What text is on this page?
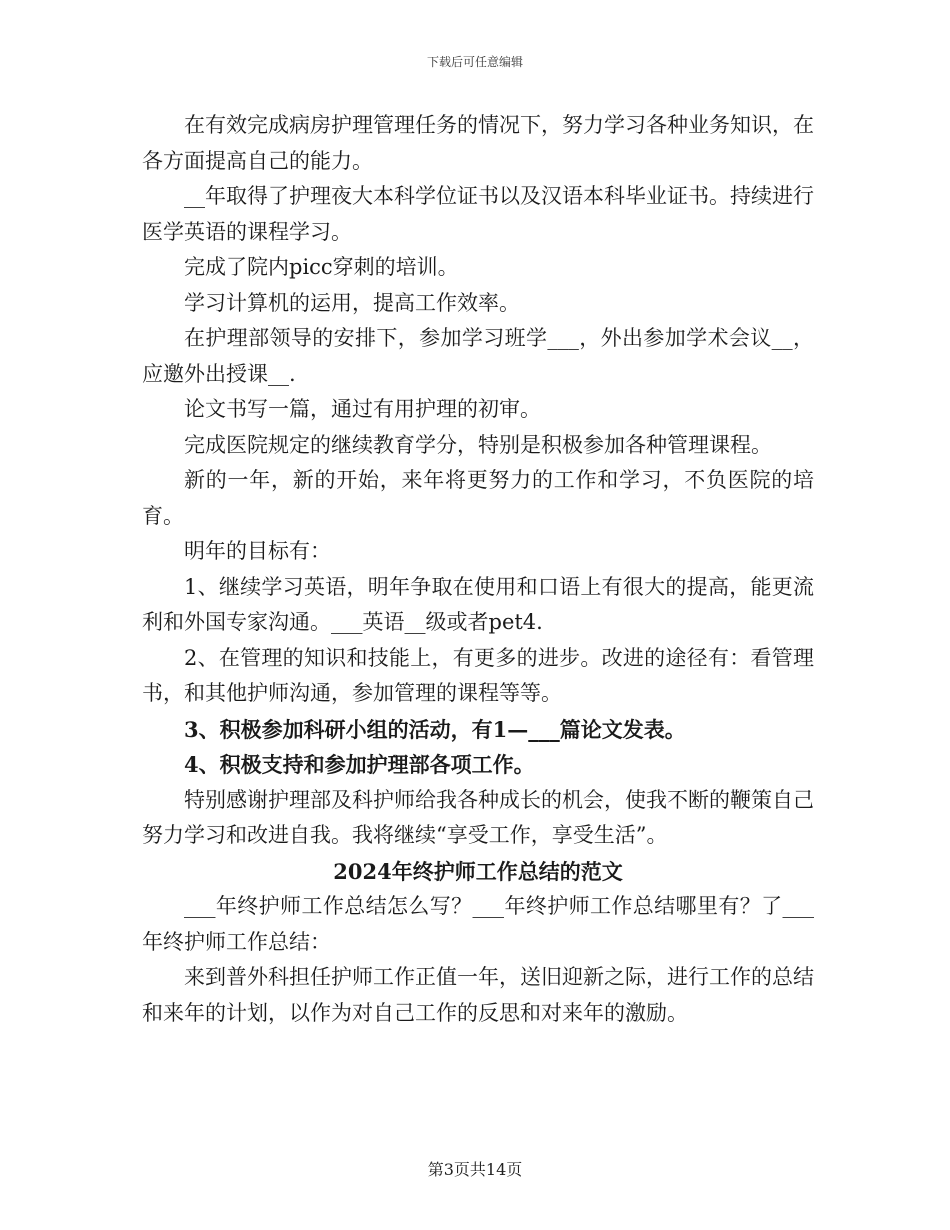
下载后可任意编辑

在有效完成病房护理管理任务的情况下，努力学习各种业务知识，在各方面提高自己的能力。

__年取得了护理夜大本科学位证书以及汉语本科毕业证书。持续进行医学英语的课程学习。

完成了院内picc穿刺的培训。

学习计算机的运用，提高工作效率。

在护理部领导的安排下，参加学习班学___，外出参加学术会议__，应邀外出授课__.

论文书写一篇，通过有用护理的初审。

完成医院规定的继续教育学分，特别是积极参加各种管理课程。

新的一年，新的开始，来年将更努力的工作和学习，不负医院的培育。

明年的目标有：

1、继续学习英语，明年争取在使用和口语上有很大的提高，能更流利和外国专家沟通。___英语__级或者pet4.

2、在管理的知识和技能上，有更多的进步。改进的途径有：看管理书，和其他护师沟通，参加管理的课程等等。

3、积极参加科研小组的活动，有1—___篇论文发表。

4、积极支持和参加护理部各项工作。

特别感谢护理部及科护师给我各种成长的机会，使我不断的鞭策自己努力学习和改进自我。我将继续“享受工作，享受生活”。

2024年终护师工作总结的范文

___年终护师工作总结怎么写？___年终护师工作总结哪里有？了___年终护师工作总结：

来到普外科担任护师工作正值一年，送旧迎新之际，进行工作的总结和来年的计划，以作为对自己工作的反思和对来年的激励。

第3页共14页
